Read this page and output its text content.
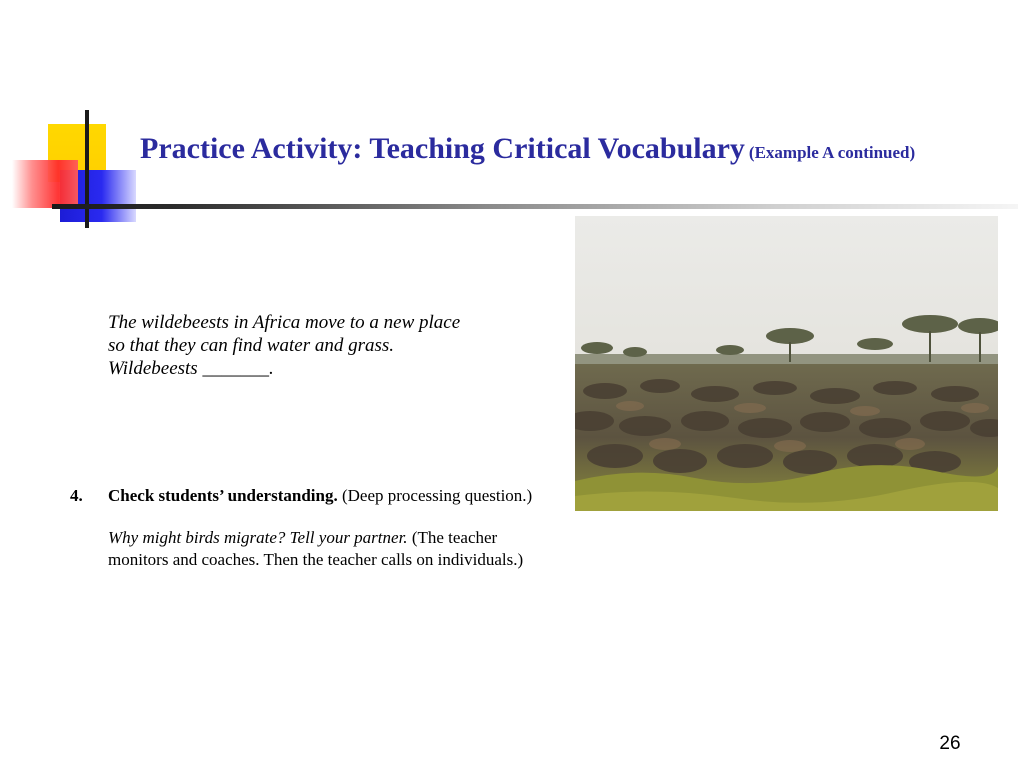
Practice Activity: Teaching Critical Vocabulary (Example A continued)
The wildebeests in Africa move to a new place
so that they can find water and grass.
Wildebeests _______.
4. Check students’ understanding. (Deep processing question.)
Why might birds migrate? Tell your partner. (The teacher monitors and coaches. Then the teacher calls on individuals.)
26
